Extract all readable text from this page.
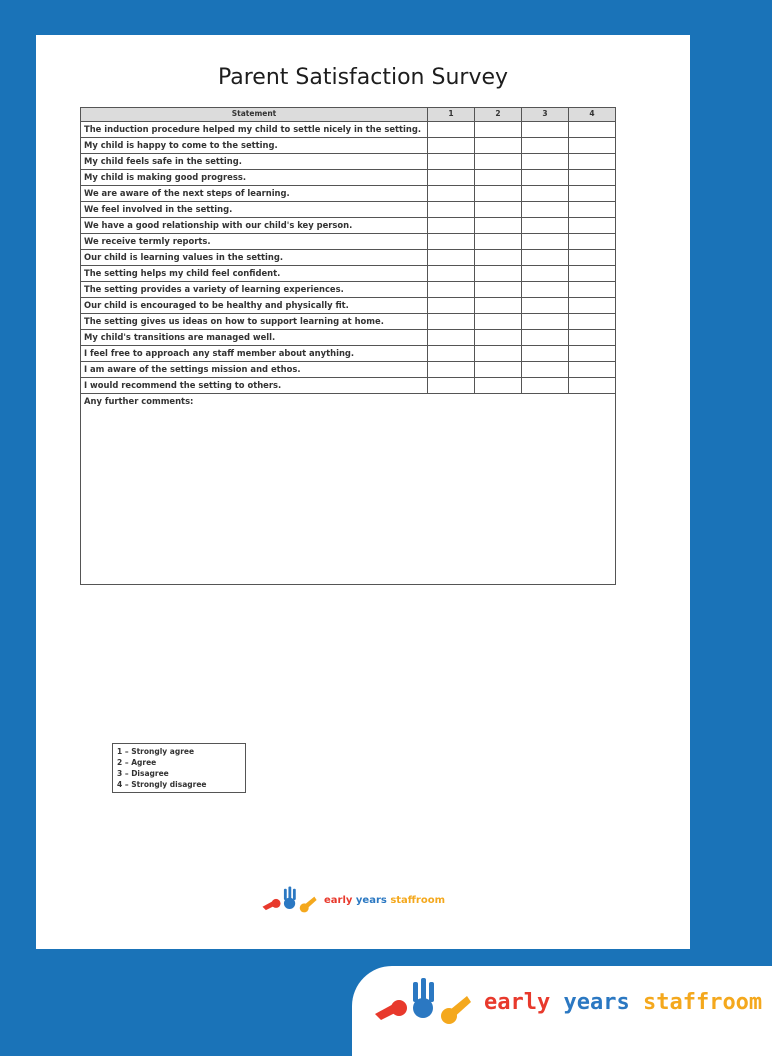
Parent Satisfaction Survey
Statement	1	2	3	4
The induction procedure helped my child to settle nicely in the setting.				
My child is happy to come to the setting.				
My child feels safe in the setting.				
My child is making good progress.				
We are aware of the next steps of learning.				
We feel involved in the setting.				
We have a good relationship with our child's key person.				
We receive termly reports.				
Our child is learning values in the setting.				
The setting helps my child feel confident.				
The setting provides a variety of learning experiences.				
Our child is encouraged to be healthy and physically fit.				
The setting gives us ideas on how to support learning at home.				
My child's transitions are managed well.				
I feel free to approach any staff member about anything.				
I am aware of the settings mission and ethos.				
I would recommend the setting to others.				
Any further comments:				
1 – Strongly agree
2 – Agree
3 – Disagree
4 – Strongly disagree
early years staffroom
early years staffroom
